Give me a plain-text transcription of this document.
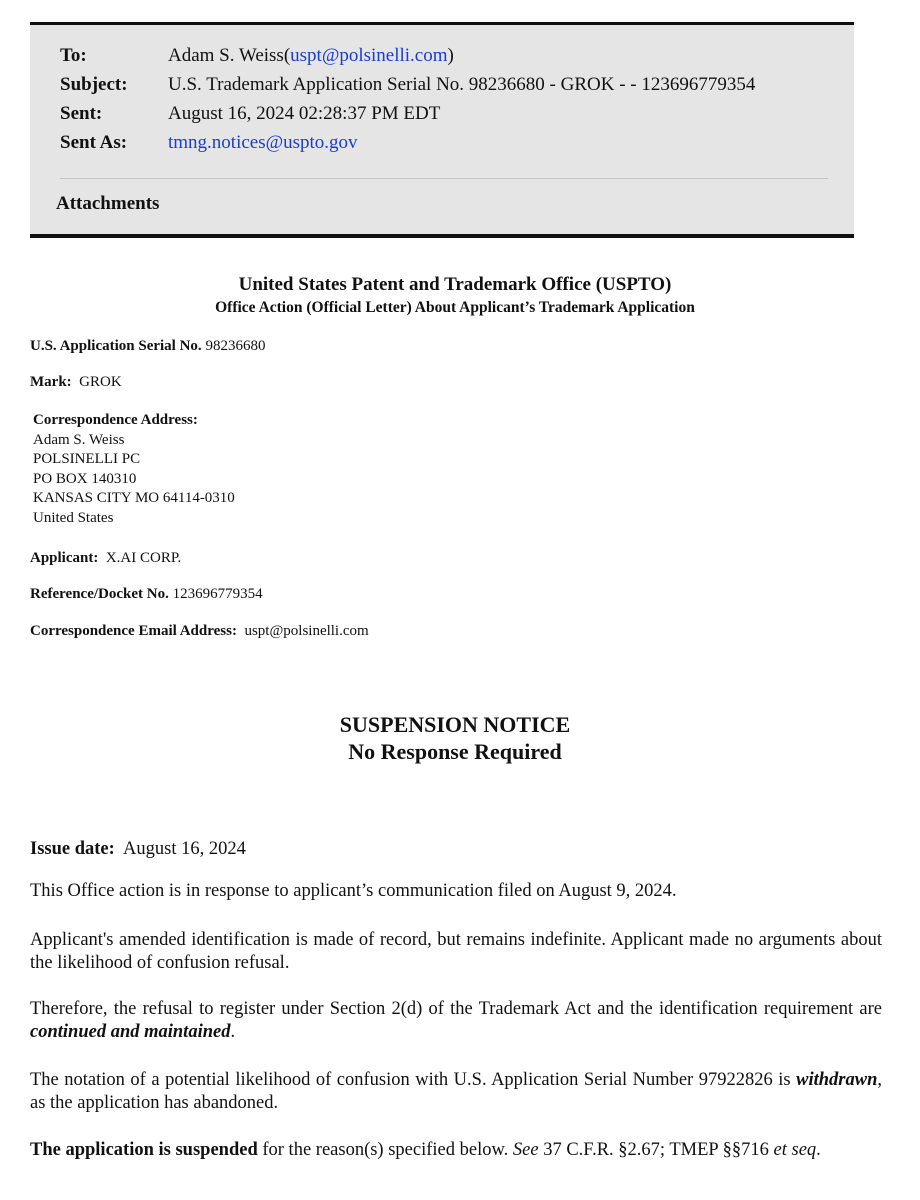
To:	Adam S. Weiss(uspt@polsinelli.com)
Subject: U.S. Trademark Application Serial No. 98236680 - GROK - - 123696779354
Sent:	August 16, 2024 02:28:37 PM EDT
Sent As: tmng.notices@uspto.gov
Attachments
United States Patent and Trademark Office (USPTO)
Office Action (Official Letter) About Applicant’s Trademark Application
U.S. Application Serial No. 98236680
Mark: GROK
Correspondence Address:
Adam S. Weiss
POLSINELLI PC
PO BOX 140310
KANSAS CITY MO 64114-0310
United States
Applicant: X.AI CORP.
Reference/Docket No. 123696779354
Correspondence Email Address: uspt@polsinelli.com
SUSPENSION NOTICE
No Response Required
Issue date: August 16, 2024
This Office action is in response to applicant’s communication filed on August 9, 2024.
Applicant's amended identification is made of record, but remains indefinite. Applicant made no arguments about the likelihood of confusion refusal.
Therefore, the refusal to register under Section 2(d) of the Trademark Act and the identification requirement are continued and maintained.
The notation of a potential likelihood of confusion with U.S. Application Serial Number 97922826 is withdrawn, as the application has abandoned.
The application is suspended for the reason(s) specified below. See 37 C.F.R. §2.67; TMEP §§716 et seq.
